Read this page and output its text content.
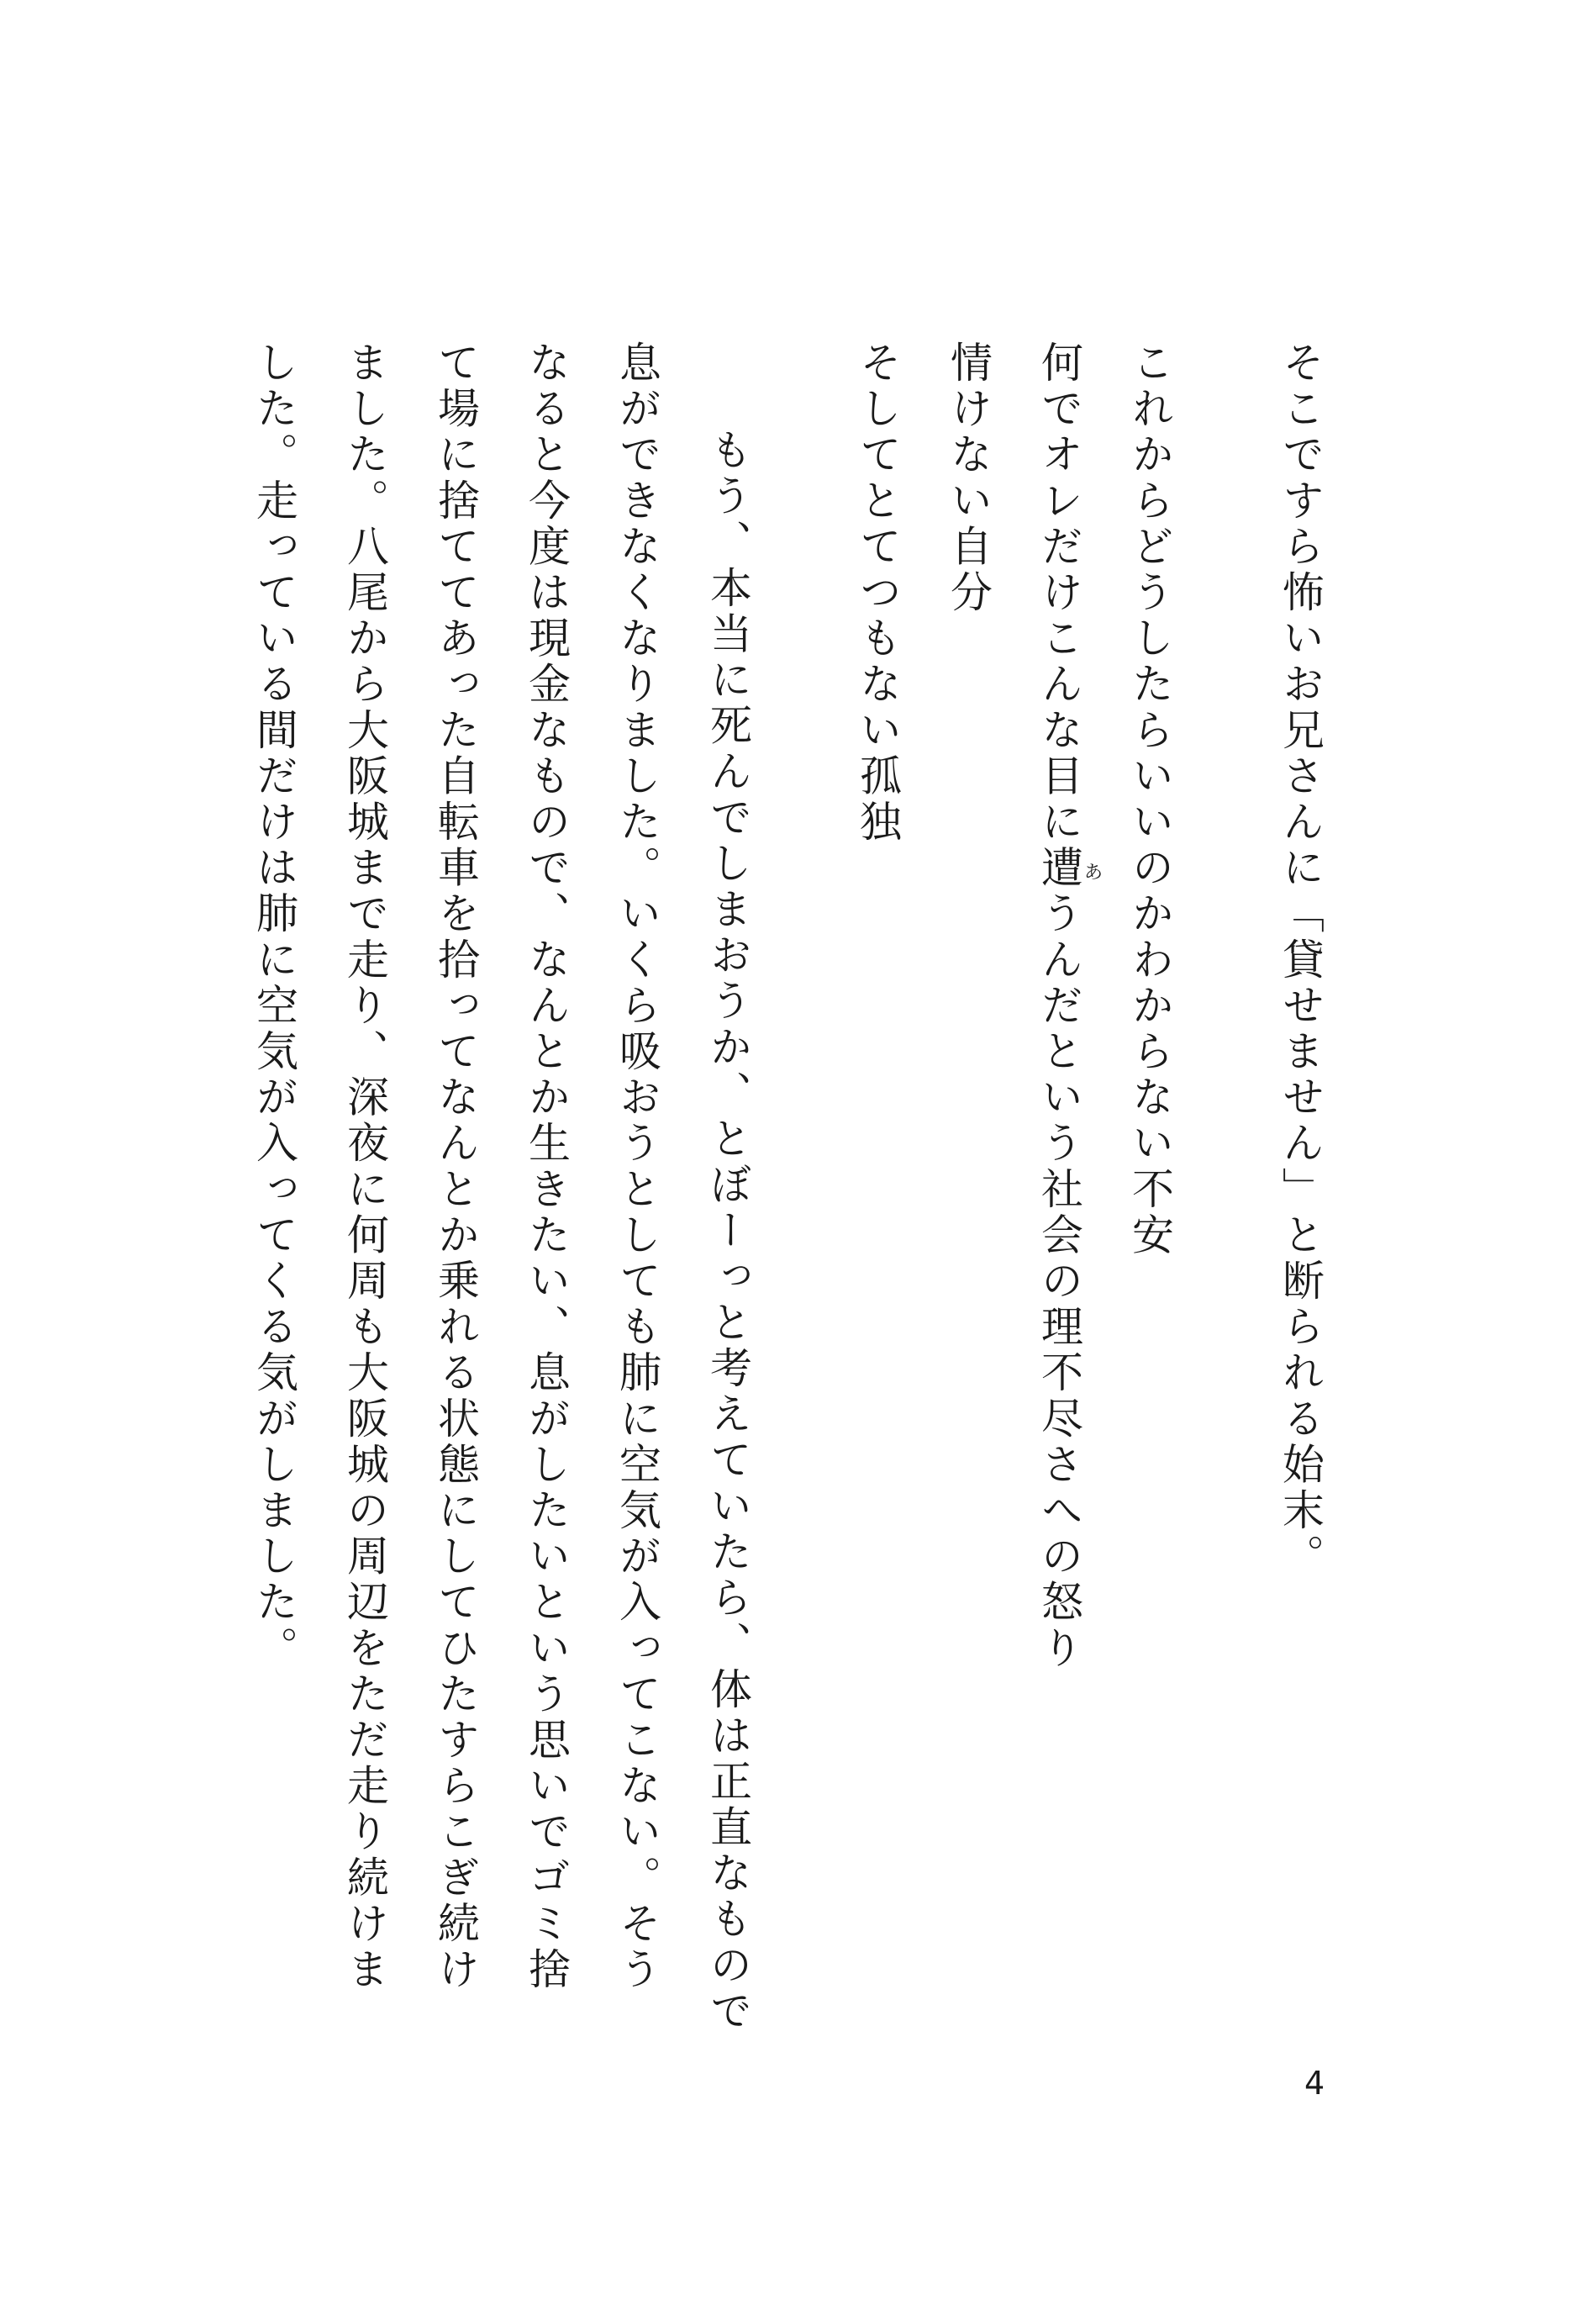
そこですら怖いお兄さんに「貸せません」と断られる始末。
これからどうしたらいいのかわからない不安
何でオレだけこんな目に遭うんだという社会の理不尽さへの怒り あ
情けない自分
そしてとてつもない孤独
もう、本当に死んでしまおうか、とぼーっと考えていたら、体は正直なもので
息ができなくなりました。いくら吸おうとしても肺に空気が入ってこない。そう
なると今度は現金なもので、なんとか生きたい、息がしたいという思いでゴミ捨
て場に捨ててあった自転車を拾ってなんとか乗れる状態にしてひたすらこぎ続け
ました。八尾から大阪城まで走り、深夜に何周も大阪城の周辺をただ走り続けま
した。走っている間だけは肺に空気が入ってくる気がしました。
4
